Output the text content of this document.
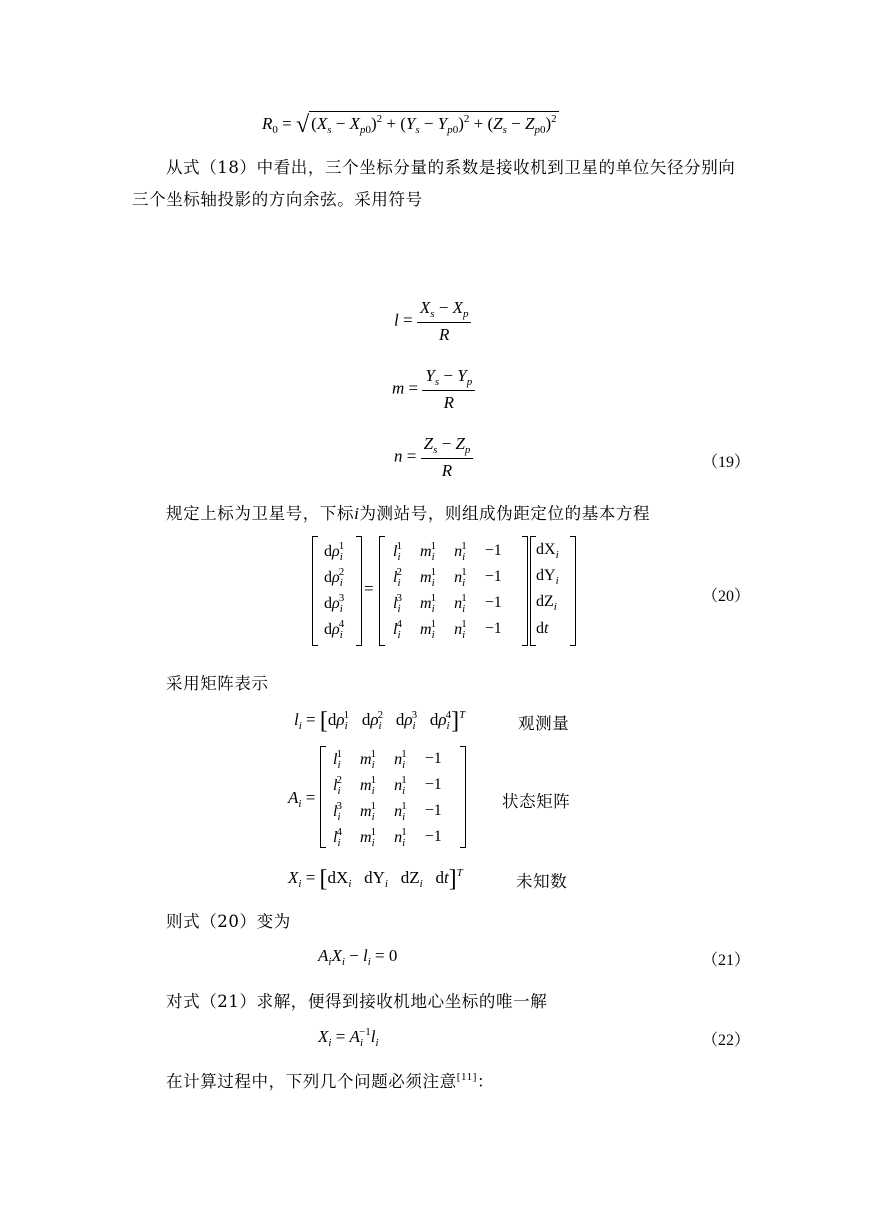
$R_0$ = √ $(X_s - X_{p0})^2 + (Y_s - Y_{p0})^2 + (Z_s - Z_{p0})^2$
从式（18）中看出，三个坐标分量的系数是接收机到卫星的单位矢径分别向
三个坐标轴投影的方向余弦。采用符号
$l = \frac{X_s - X_p}{R}$
$m = \frac{Y_s - Y_p}{R}$
$n = \frac{Z_s - Z_p}{R}$	（19）
规定上标为卫星号，下标i为测站号，则组成伪距定位的基本方程
$d\rho_i^1$
$d\rho_i^2$
$d\rho_i^3$
$d\rho_i^4$
=
$l_i^1$	$m_i^1$	$n_i^1$	−1
$l_i^2$	$m_i^1$	$n_i^1$	−1
$l_i^3$	$m_i^1$	$n_i^1$	−1
$l_i^4$	$m_i^1$	$n_i^1$	−1
$dX_i$
$dY_i$
$dZ_i$
dt
（20）
采用矩阵表示
$l_i = [d\rho_i^1$   $d\rho_i^2$   $d\rho_i^3$   $d\rho_i^4]^T$	观测量
$A_i$ =
$l_i^1$	$m_i^1$	$n_i^1$	−1
$l_i^2$	$m_i^1$	$n_i^1$	−1
$l_i^3$	$m_i^1$	$n_i^1$	−1
$l_i^4$	$m_i^1$	$n_i^1$	−1
状态矩阵
$X_i = [dX_i$   $dY_i$   $dZ_i$   dt]$^T$	未知数
则式（20）变为
$A_iX_i - l_i = 0$	（21）
对式（21）求解，便得到接收机地心坐标的唯一解
$X_i = A_i^{-1}l_i$	（22）
在计算过程中，下列几个问题必须注意[11]：
